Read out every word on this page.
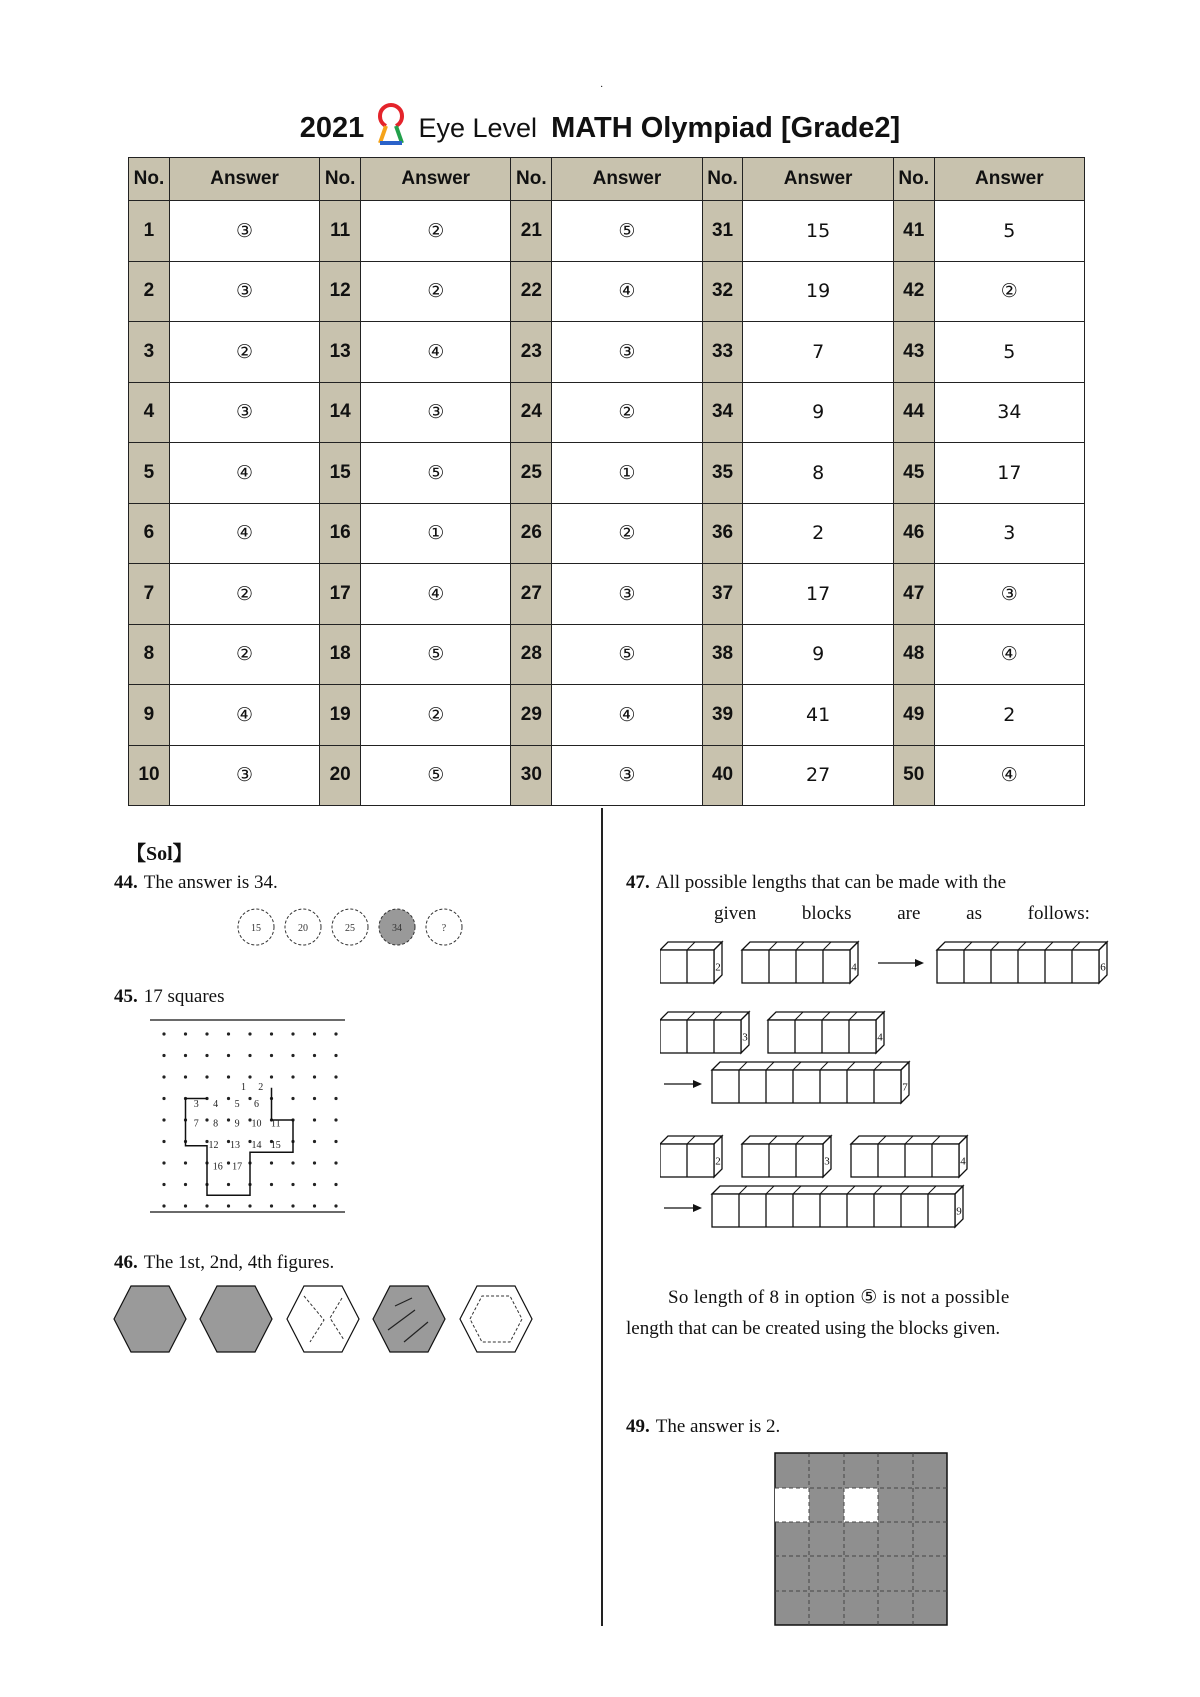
·
2021 Eye Level MATH Olympiad [Grade2]
No.	Answer	No.	Answer	No.	Answer	No.	Answer	No.	Answer
1	③	11	②	21	⑤	31	15	41	5
2	③	12	②	22	④	32	19	42	②
3	②	13	④	23	③	33	7	43	5
4	③	14	③	24	②	34	9	44	34
5	④	15	⑤	25	①	35	8	45	17
6	④	16	①	26	②	36	2	46	3
7	②	17	④	27	③	37	17	47	③
8	②	18	⑤	28	⑤	38	9	48	④
9	④	19	②	29	④	39	41	49	2
10	③	20	⑤	30	③	40	27	50	④
【Sol】
44. The answer is 34.
15	20	25	34	?
45. 17 squares
1 2
3 4 5 6
7 8 9 10 11
12 13 14 15
16 17
46. The 1st, 2nd, 4th figures.
47. All possible lengths that can be made with the
given blocks are as follows:
2	4	6
3	4
7
2	3	4
9
So length of 8 in option ⑤ is not a possible
length that can be created using the blocks given.
49. The answer is 2.
